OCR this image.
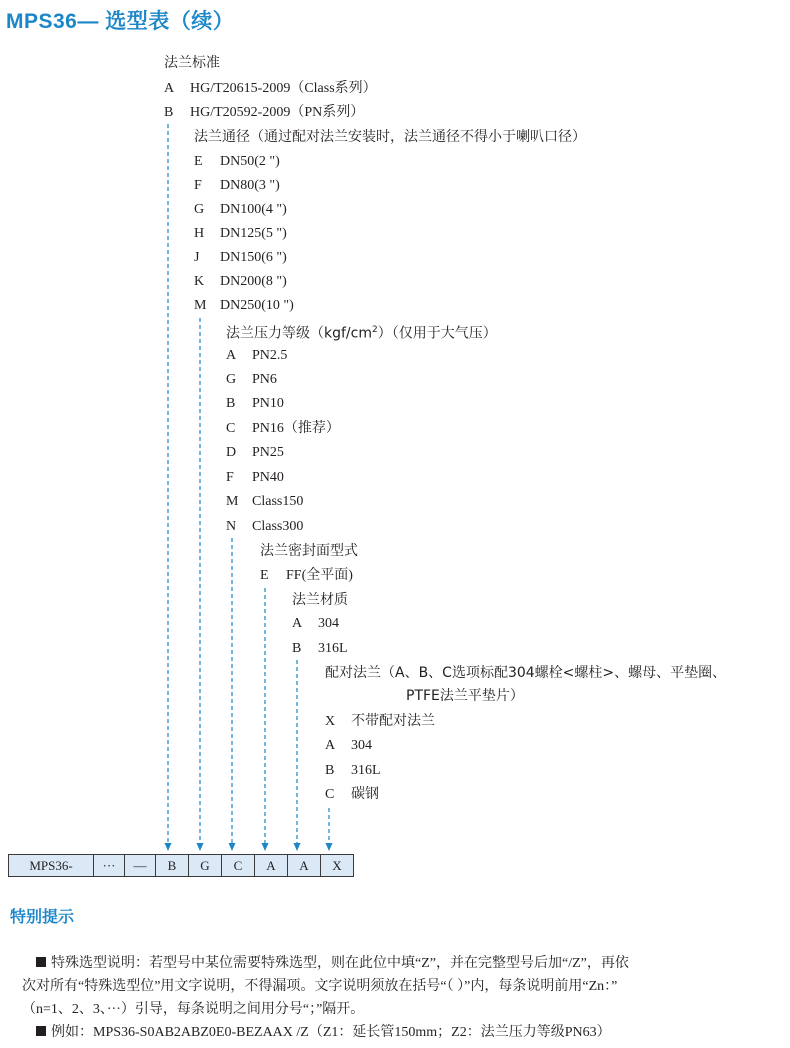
MPS36— 选型表（续）
法兰标准
A HG/T20615-2009（Class系列）
B HG/T20592-2009（PN系列）
法兰通径（通过配对法兰安装时，法兰通径不得小于喇叭口径）
E DN50(2 ")
F DN80(3 ")
G DN100(4 ")
H DN125(5 ")
J DN150(6 ")
K DN200(8 ")
M DN250(10 ")
法兰压力等级$(kgf/cm^2)$（仅用于大气压）
A PN2.5
G PN6
B PN10
C PN16（推荐）
D PN25
F PN40
M Class150
N Class300
法兰密封面型式
E FF(全平面)
法兰材质
A 304
B 316L
配对法兰（A、B、C选项标配304螺栓<螺柱>、螺母、平垫圈、
PTFE法兰平垫片）
X 不带配对法兰
A 304
B 316L
C 碳钢
MPS36-	···	—	B	G	C	A	A	X
特别提示
特殊选型说明：若型号中某位需要特殊选型，则在此位中填“Z”，并在完整型号后加“/Z”，再依
次对所有“特殊选型位”用文字说明，不得漏项。文字说明须放在括号“（ ）”内，每条说明前用“Zn：”
（n=1、2、3、···）引导，每条说明之间用分号“；”隔开。
例如：MPS36-S0AB2ABZ0E0-BEZAAX /Z（Z1：延长管150mm；Z2：法兰压力等级PN63）
